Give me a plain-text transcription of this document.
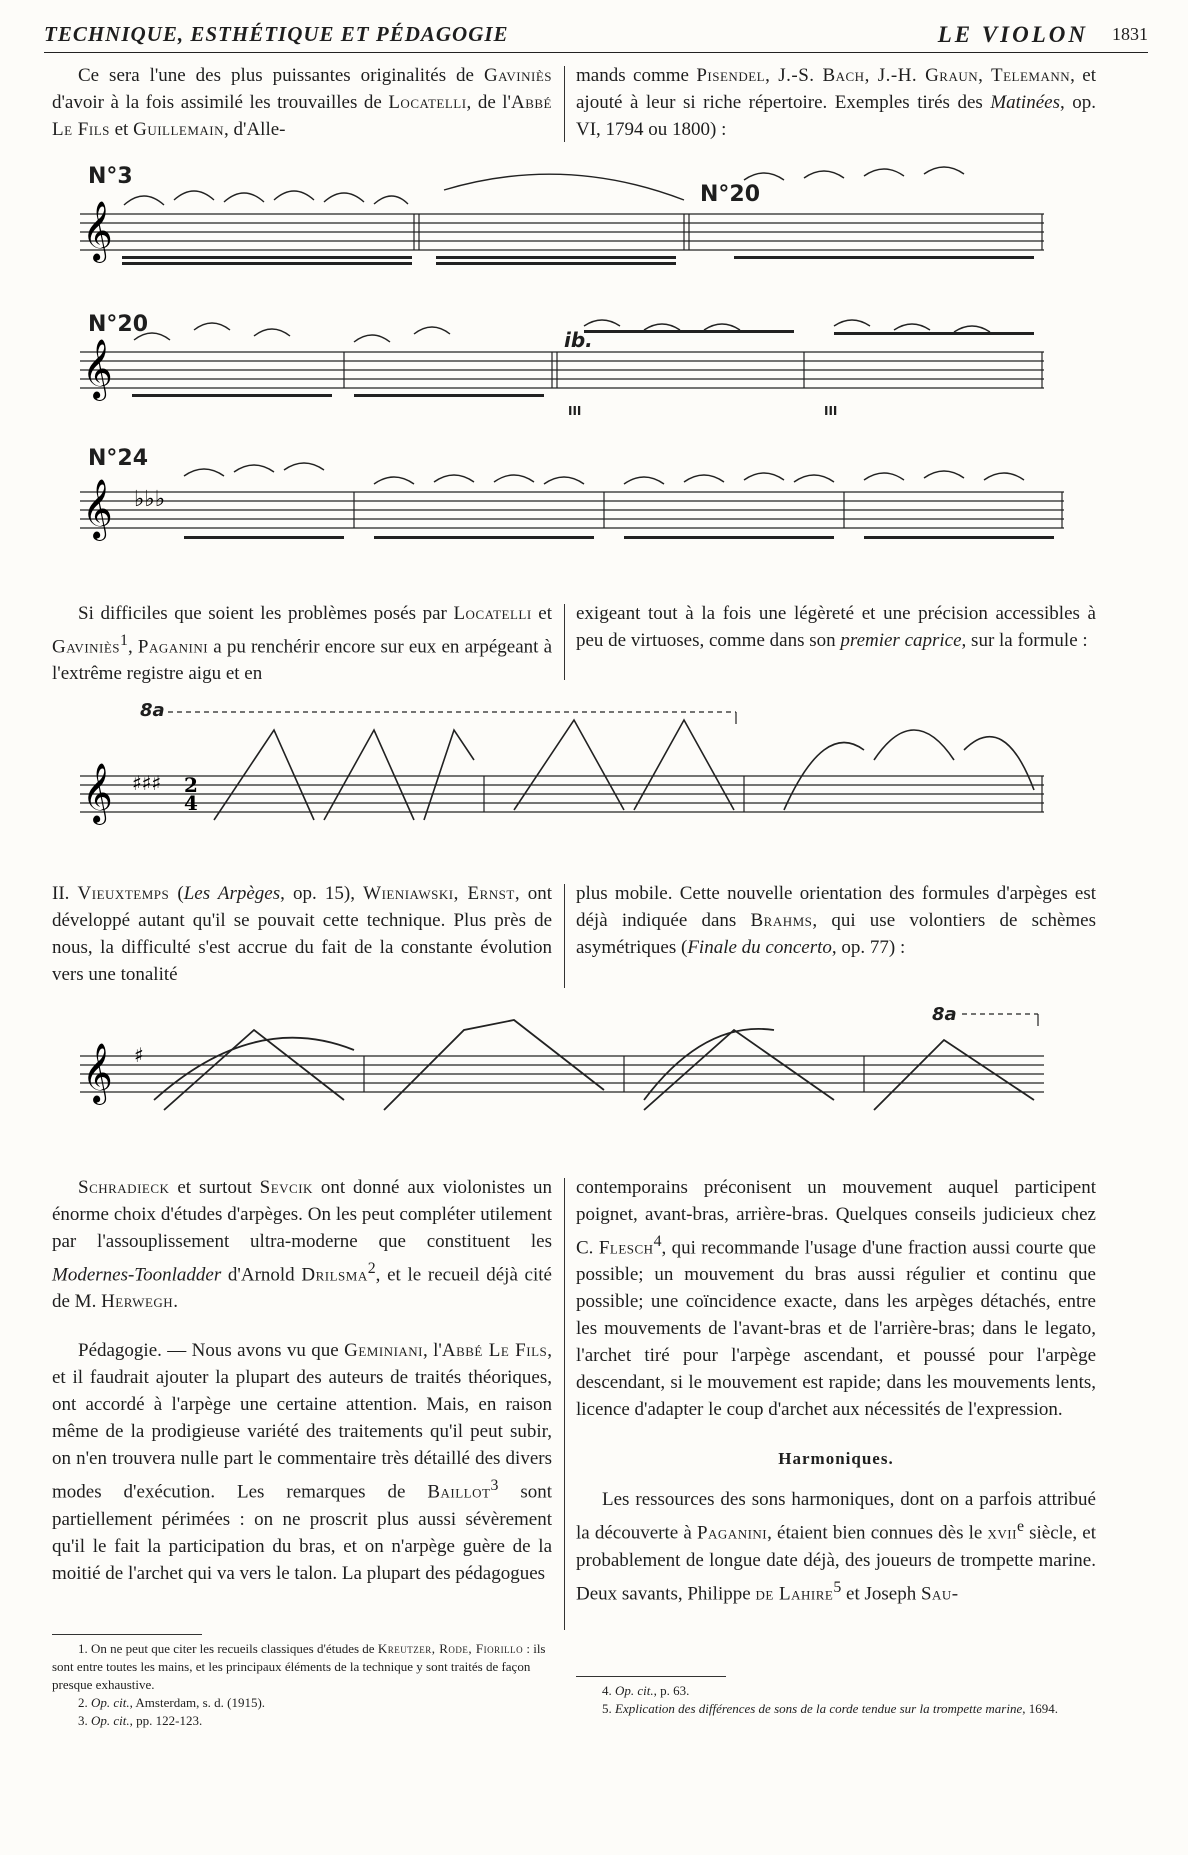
TECHNIQUE, ESTHÉTIQUE ET PÉDAGOGIE	LE VIOLON 1831

Ce sera l'une des plus puissantes originalités de Gaviniès d'avoir à la fois assimilé les trouvailles de Locatelli, de l'Abbé Le Fils et Guillemain, d'Alle-

mands comme Pisendel, J.-S. Bach, J.-H. Graun, Telemann, et ajouté à leur si riche répertoire. Exemples tirés des Matinées, op. VI, 1794 ou 1800) :

N°3
N°20
𝄞
N°20
ib.
III	III
𝄞
N°24
𝄞 ♭♭♭

Si difficiles que soient les problèmes posés par Locatelli et Gaviniès$^1$, Paganini a pu renchérir encore sur eux en arpégeant à l'extrême registre aigu et en

exigeant tout à la fois une légèreté et une précision accessibles à peu de virtuoses, comme dans son premier caprice, sur la formule :

8a
𝄞 ♯♯♯ 2
4

II. Vieuxtemps (Les Arpèges, op. 15), Wieniawski, Ernst, ont développé autant qu'il se pouvait cette technique. Plus près de nous, la difficulté s'est accrue du fait de la constante évolution vers une tonalité

plus mobile. Cette nouvelle orientation des formules d'arpèges est déjà indiquée dans Brahms, qui use volontiers de schèmes asymétriques (Finale du concerto, op. 77) :

8a
𝄞 ♯

Schradieck et surtout Sevcik ont donné aux violonistes un énorme choix d'études d'arpèges. On les peut compléter utilement par l'assouplissement ultra-moderne que constituent les Modernes-Toonladder d'Arnold Drilsma$^2$, et le recueil déjà cité de M. Herwegh.

Pédagogie. — Nous avons vu que Geminiani, l'Abbé Le Fils, et il faudrait ajouter la plupart des auteurs de traités théoriques, ont accordé à l'arpège une certaine attention. Mais, en raison même de la prodigieuse variété des traitements qu'il peut subir, on n'en trouvera nulle part le commentaire très détaillé des divers modes d'exécution. Les remarques de Baillot$^3$ sont partiellement périmées : on ne proscrit plus aussi sévèrement qu'il le fait la participation du bras, et on n'arpège guère de la moitié de l'archet qui va vers le talon. La plupart des pédagogues

contemporains préconisent un mouvement auquel participent poignet, avant-bras, arrière-bras. Quelques conseils judicieux chez C. Flesch$^4$, qui recommande l'usage d'une fraction aussi courte que possible; un mouvement du bras aussi régulier et continu que possible; une coïncidence exacte, dans les arpèges détachés, entre les mouvements de l'avant-bras et de l'arrière-bras; dans le legato, l'archet tiré pour l'arpège ascendant, et poussé pour l'arpège descendant, si le mouvement est rapide; dans les mouvements lents, licence d'adapter le coup d'archet aux nécessités de l'expression.

Harmoniques.

Les ressources des sons harmoniques, dont on a parfois attribué la découverte à Paganini, étaient bien connues dès le xvii$^e$ siècle, et probablement de longue date déjà, des joueurs de trompette marine. Deux savants, Philippe de Lahire$^5$ et Joseph Sau-

1. On ne peut que citer les recueils classiques d'études de Kreutzer, Rode, Fiorillo : ils sont entre toutes les mains, et les principaux éléments de la technique y sont traités de façon presque exhaustive.

2. Op. cit., Amsterdam, s. d. (1915).

3. Op. cit., pp. 122-123.

4. Op. cit., p. 63.

5. Explication des différences de sons de la corde tendue sur la trompette marine, 1694.
